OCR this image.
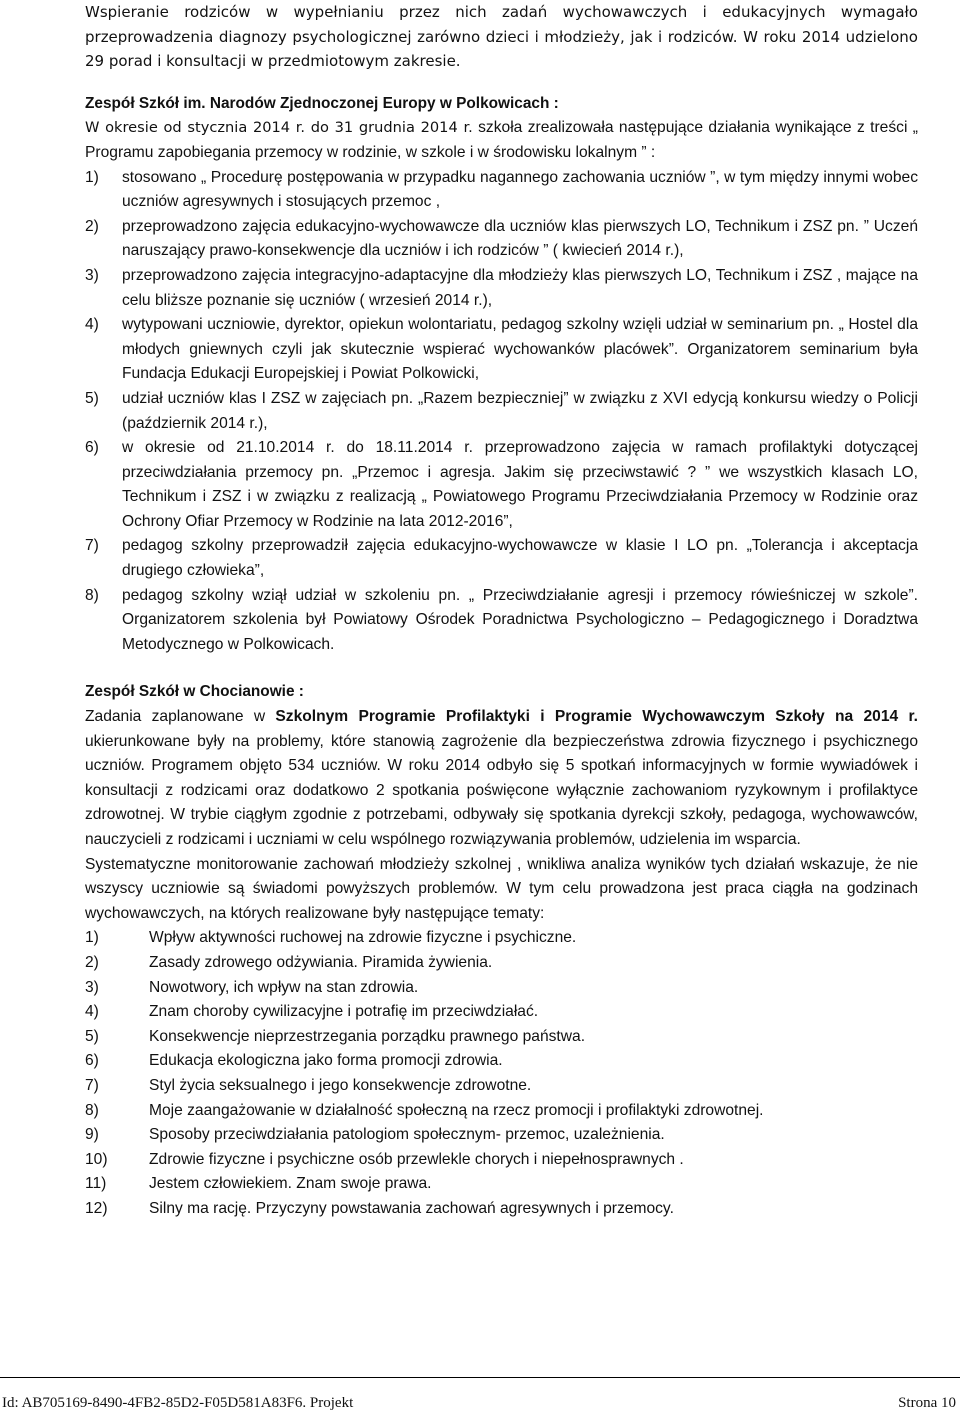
Wspieranie rodziców w wypełnianiu przez nich zadań wychowawczych i edukacyjnych wymagało przeprowadzenia diagnozy psychologicznej zarówno dzieci i młodzieży, jak i rodziców. W roku 2014 udzielono 29 porad i konsultacji w przedmiotowym zakresie.

Zespół Szkół im. Narodów Zjednoczonej Europy w Polkowicach :

W okresie od stycznia 2014 r. do 31 grudnia 2014 r. szkoła zrealizowała następujące działania wynikające z treści „ Programu zapobiegania przemocy w rodzinie, w szkole i w środowisku lokalnym ” :

1)	stosowano „ Procedurę postępowania w przypadku nagannego zachowania uczniów ”, w tym między innymi wobec uczniów agresywnych i stosujących przemoc ,
2)	przeprowadzono zajęcia edukacyjno-wychowawcze dla uczniów klas pierwszych LO, Technikum i ZSZ pn. ” Uczeń naruszający prawo-konsekwencje dla uczniów i ich rodziców ” ( kwiecień 2014 r.),
3)	przeprowadzono zajęcia integracyjno-adaptacyjne dla młodzieży klas pierwszych LO, Technikum i ZSZ , mające na celu bliższe poznanie się uczniów ( wrzesień 2014 r.),
4)	wytypowani uczniowie, dyrektor, opiekun wolontariatu, pedagog szkolny wzięli udział w seminarium pn. „ Hostel dla młodych gniewnych czyli jak skutecznie wspierać wychowanków placówek”. Organizatorem seminarium była Fundacja Edukacji Europejskiej i Powiat Polkowicki,
5)	udział uczniów klas I ZSZ w zajęciach pn. „Razem bezpieczniej” w związku z XVI edycją konkursu wiedzy o Policji (październik 2014 r.),
6)	w okresie od 21.10.2014 r. do 18.11.2014 r. przeprowadzono zajęcia w ramach profilaktyki dotyczącej przeciwdziałania przemocy pn. „Przemoc i agresja. Jakim się przeciwstawić ? ” we wszystkich klasach LO, Technikum i ZSZ i w związku z realizacją „ Powiatowego Programu Przeciwdziałania Przemocy w Rodzinie oraz Ochrony Ofiar Przemocy w Rodzinie na lata 2012-2016”,
7)	pedagog szkolny przeprowadził zajęcia edukacyjno-wychowawcze w klasie I LO pn. „Tolerancja i akceptacja drugiego człowieka”,
8)	pedagog szkolny wziął udział w szkoleniu pn. „ Przeciwdziałanie agresji i przemocy rówieśniczej w szkole”. Organizatorem szkolenia był Powiatowy Ośrodek Poradnictwa Psychologiczno – Pedagogicznego i Doradztwa Metodycznego w Polkowicach.

Zespół Szkół w Chocianowie :

Zadania zaplanowane w Szkolnym Programie Profilaktyki i Programie Wychowawczym Szkoły na 2014 r. ukierunkowane były na problemy, które stanowią zagrożenie dla bezpieczeństwa zdrowia fizycznego i psychicznego uczniów. Programem objęto 534 uczniów. W roku 2014 odbyło się 5 spotkań informacyjnych w formie wywiadówek i konsultacji z rodzicami oraz dodatkowo 2 spotkania poświęcone wyłącznie zachowaniom ryzykownym i profilaktyce zdrowotnej. W trybie ciągłym zgodnie z potrzebami, odbywały się spotkania dyrekcji szkoły, pedagoga, wychowawców, nauczycieli z rodzicami i uczniami w celu wspólnego rozwiązywania problemów, udzielenia im wsparcia.

Systematyczne monitorowanie zachowań młodzieży szkolnej , wnikliwa analiza wyników tych działań wskazuje, że nie wszyscy uczniowie są świadomi powyższych problemów. W tym celu prowadzona jest praca ciągła na godzinach wychowawczych, na których realizowane były następujące tematy:

1)	Wpływ aktywności ruchowej na zdrowie fizyczne i psychiczne.
2)	Zasady zdrowego odżywiania. Piramida żywienia.
3)	Nowotwory, ich wpływ na stan zdrowia.
4)	Znam choroby cywilizacyjne i potrafię im przeciwdziałać.
5)	Konsekwencje nieprzestrzegania porządku prawnego państwa.
6)	Edukacja ekologiczna jako forma promocji zdrowia.
7)	Styl życia seksualnego i jego konsekwencje zdrowotne.
8)	Moje zaangażowanie w działalność społeczną na rzecz promocji i profilaktyki zdrowotnej.
9)	Sposoby przeciwdziałania patologiom społecznym- przemoc, uzależnienia.
10)	Zdrowie fizyczne i psychiczne osób przewlekle chorych i niepełnosprawnych .
11)	Jestem człowiekiem. Znam swoje prawa.
12)	Silny ma rację. Przyczyny powstawania zachowań agresywnych i przemocy.
Id: AB705169-8490-4FB2-85D2-F05D581A83F6. Projekt	Strona 10
